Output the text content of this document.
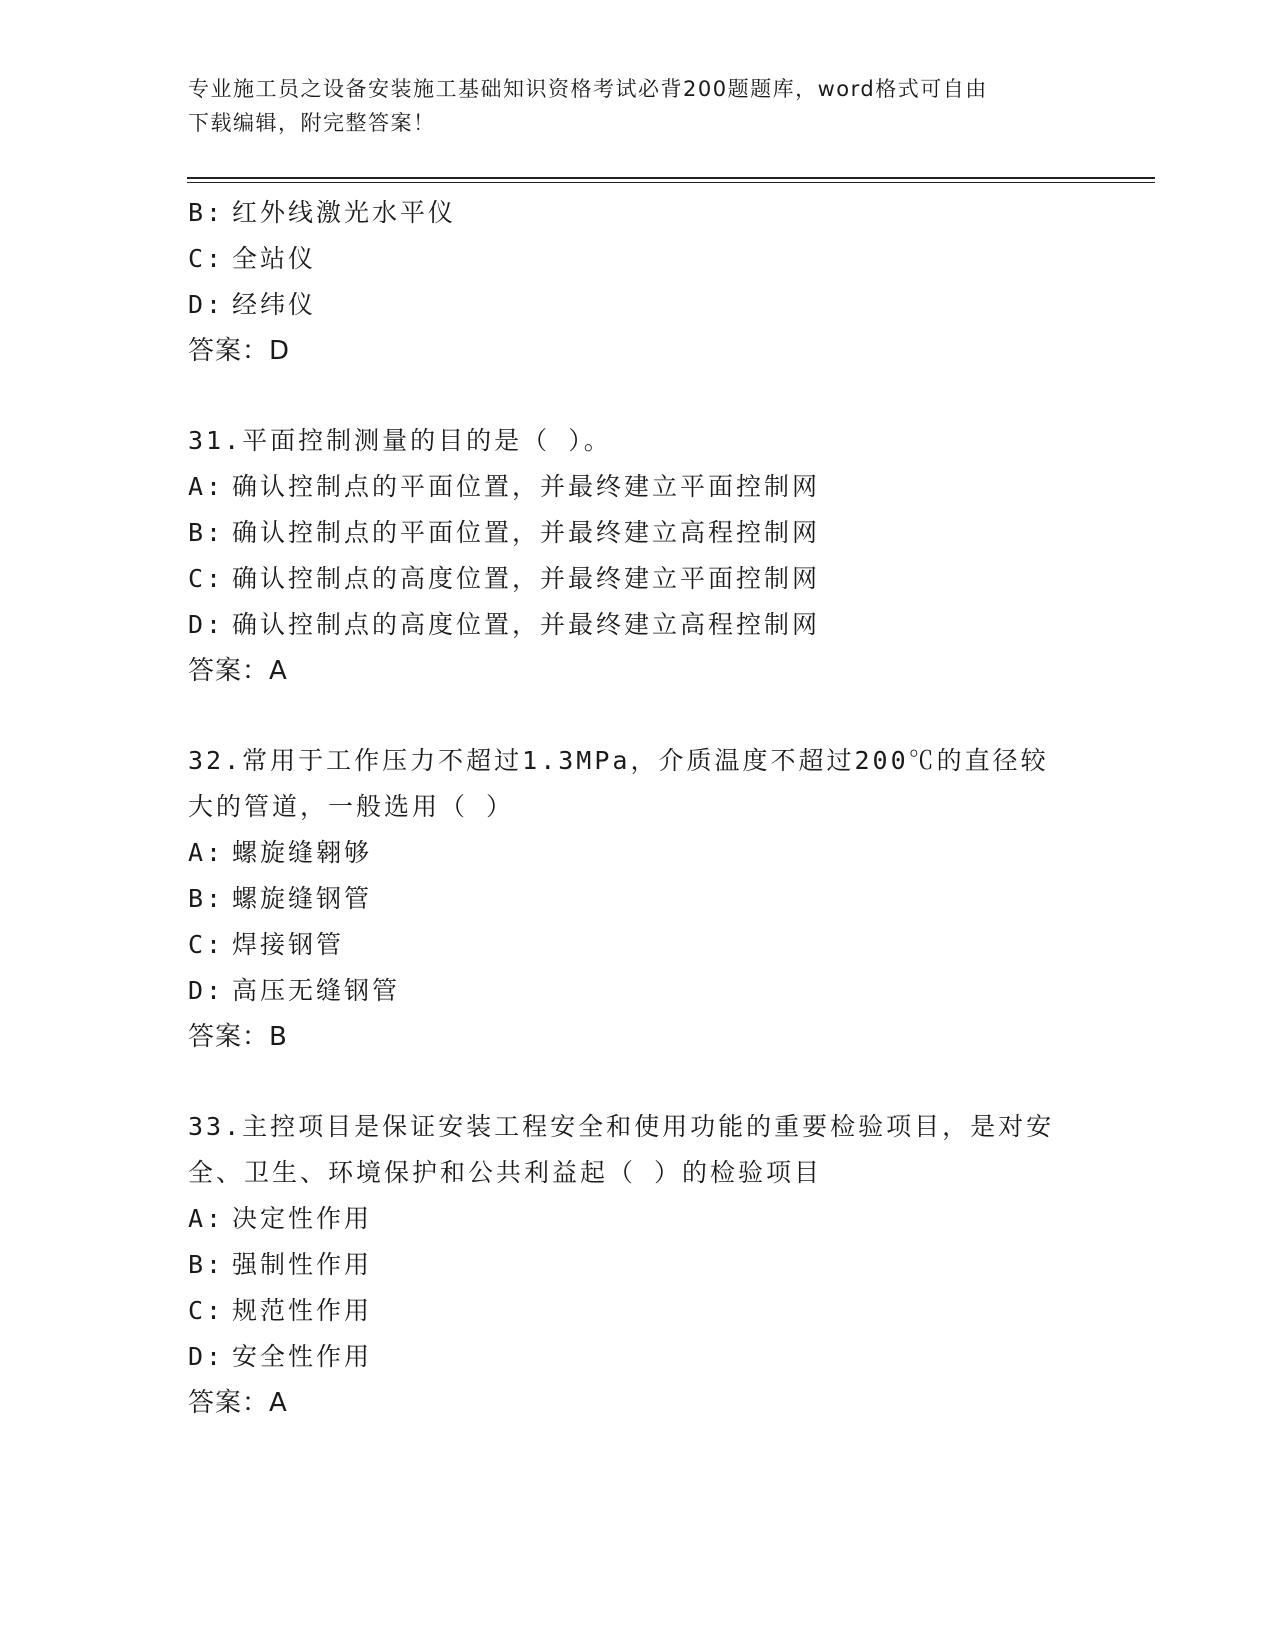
专业施工员之设备安装施工基础知识资格考试必背200题题库，word格式可自由
下载编辑，附完整答案！
B: 红外线激光水平仪
C: 全站仪
D: 经纬仪
答案：D
31.平面控制测量的目的是（ ）。
A: 确认控制点的平面位置，并最终建立平面控制网
B: 确认控制点的平面位置，并最终建立高程控制网
C: 确认控制点的高度位置，并最终建立平面控制网
D: 确认控制点的高度位置，并最终建立高程控制网
答案：A
32.常用于工作压力不超过1.3MPa，介质温度不超过200℃的直径较大的管道，一般选用（ ）
A: 螺旋缝翱够
B: 螺旋缝钢管
C: 焊接钢管
D: 高压无缝钢管
答案：B
33.主控项目是保证安装工程安全和使用功能的重要检验项目，是对安全、卫生、环境保护和公共利益起（ ）的检验项目
A: 决定性作用
B: 强制性作用
C: 规范性作用
D: 安全性作用
答案：A
